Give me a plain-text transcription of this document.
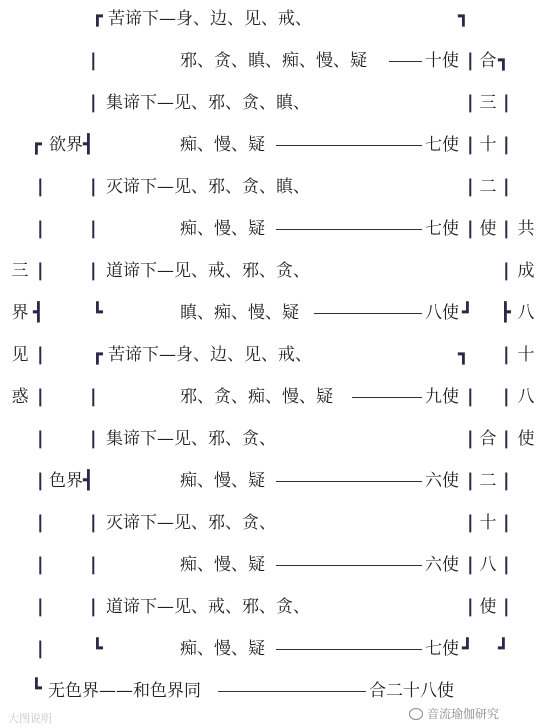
┏ 苦谛下—身、边、见、戒、	┓
|	邪、贪、瞋、痴、慢、疑	十使 | 合 ┓
| 集谛下—见、邪、贪、瞋、	| 三 |
┏ 欲界 ┫	痴、慢、疑	七使 | 十 |
|	| 灭谛下—见、邪、贪、瞋、	| 二 |
|	|	痴、慢、疑	七使 | 使 | 共
三 |	| 道谛下—见、戒、邪、贪、	| 成
界 ┫	┗	瞋、痴、慢、疑	八使 ┛ ┣ 八
见 |	┏ 苦谛下—身、边、见、戒、	┓ | 十
惑 |	|	邪、贪、痴、慢、疑	九使 | | 八
|	| 集谛下—见、邪、贪、	| 合 | 使
| 色界 ┫	痴、慢、疑	六使 | 二 |
|	| 灭谛下—见、邪、贪、	| 十 |
|	|	痴、慢、疑	六使 | 八 |
|	| 道谛下—见、戒、邪、贪、	| 使 |
|	┗	痴、慢、疑	七使 ┛ ┛
┗ 无色界——和色界同	合二十八使
大图说明	音流瑜伽研究
